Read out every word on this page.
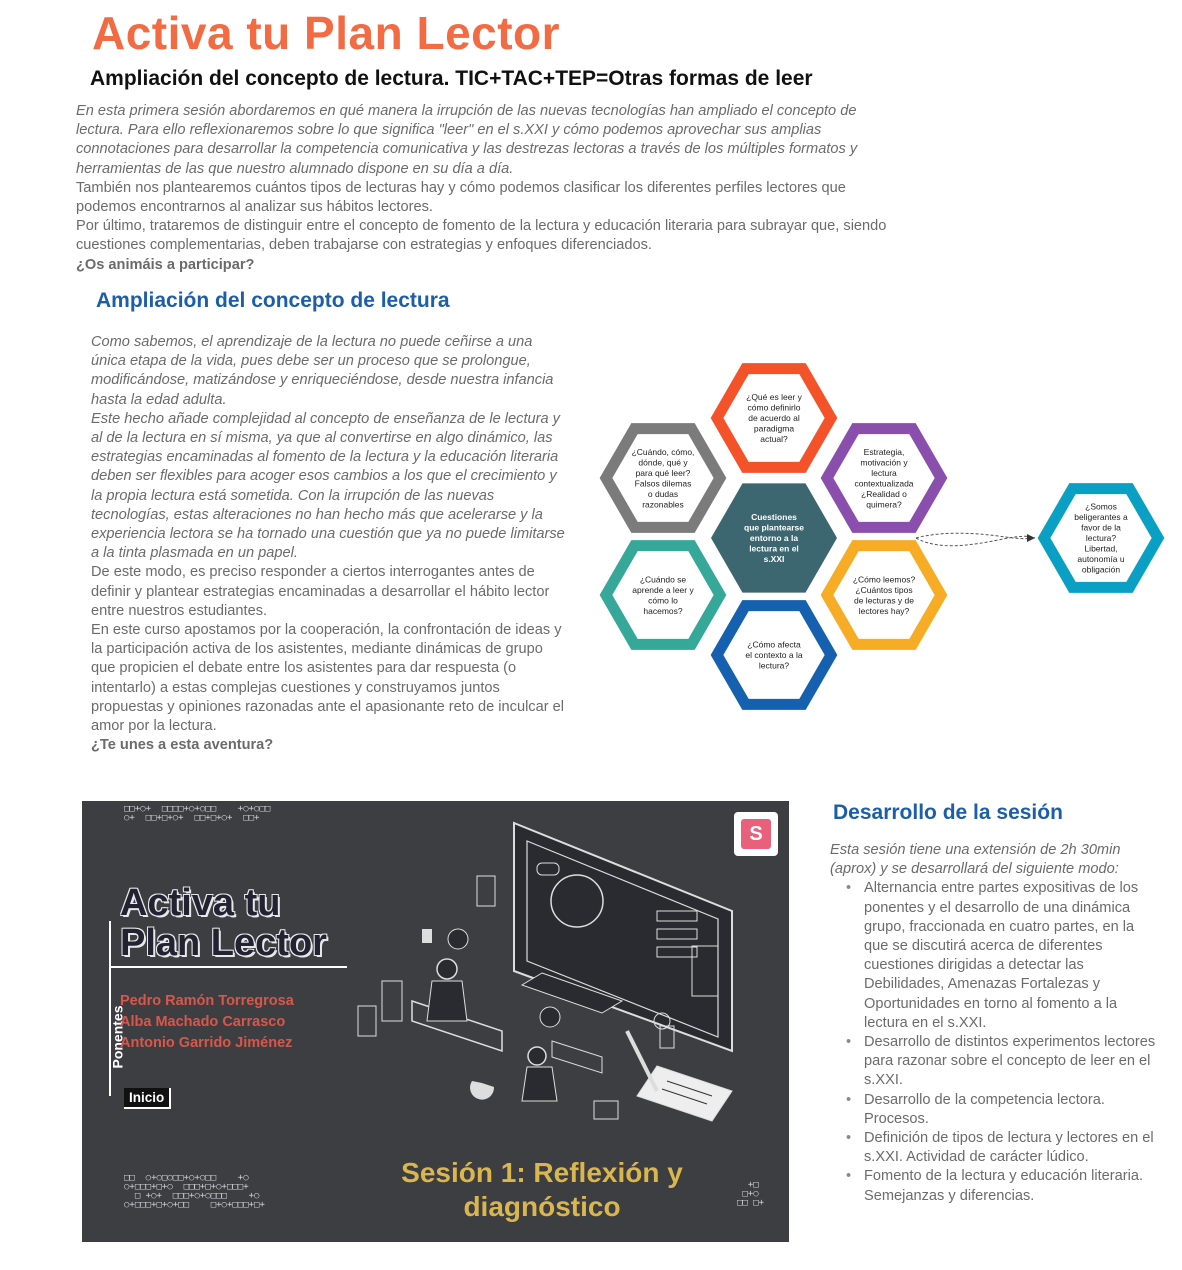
Activa tu Plan Lector
Ampliación del concepto de lectura. TIC+TAC+TEP=Otras formas de leer

En esta primera sesión abordaremos en qué manera la irrupción de las nuevas tecnologías han ampliado el concepto de lectura. Para ello reflexionaremos sobre lo que significa "leer" en el s.XXI y cómo podemos aprovechar sus amplias connotaciones para desarrollar la competencia comunicativa y las destrezas lectoras a través de los múltiples formatos y herramientas de las que nuestro alumnado dispone en su día a día.

También nos plantearemos cuántos tipos de lecturas hay y cómo podemos clasificar los diferentes perfiles lectores que podemos encontrarnos al analizar sus hábitos lectores.

Por último, trataremos de distinguir entre el concepto de fomento de la lectura y educación literaria para subrayar que, siendo cuestiones complementarias, deben trabajarse con estrategias y enfoques diferenciados.

¿Os animáis a participar?

Ampliación del concepto de lectura

Como sabemos, el aprendizaje de la lectura no puede ceñirse a una única etapa de la vida, pues debe ser un proceso que se prolongue, modificándose, matizándose y enriqueciéndose, desde nuestra infancia hasta la edad adulta.

Este hecho añade complejidad al concepto de enseñanza de le lectura y al de la lectura en sí misma, ya que al convertirse en algo dinámico, las estrategias encaminadas al fomento de la lectura y la educación literaria deben ser flexibles para acoger esos cambios a los que el crecimiento y la propia lectura está sometida. Con la irrupción de las nuevas tecnologías, estas alteraciones no han hecho más que acelerarse y la experiencia lectora se ha tornado una cuestión que ya no puede limitarse a la tinta plasmada en un papel.

De este modo, es preciso responder a ciertos interrogantes antes de definir y plantear estrategias encaminadas a desarrollar el hábito lector entre nuestros estudiantes.

En este curso apostamos por la cooperación, la confrontación de ideas y la participación activa de los asistentes, mediante dinámicas de grupo que propicien el debate entre los asistentes para dar respuesta (o intentarlo) a estas complejas cuestiones y construyamos juntos propuestas y opiniones razonadas ante el apasionante reto de inculcar el amor por la lectura.

¿Te unes a esta aventura?

Cuestiones
que plantearse
entorno a la
lectura en el
s.XXI
¿Qué es leer y
cómo definirlo
de acuerdo al
paradigma
actual?
Estrategia,
motivación y
lectura
contextualizada
¿Realidad o
quimera?
¿Cómo leemos?
¿Cuántos tipos
de lecturas y de
lectores hay?
¿Cómo afecta
el contexto a la
lectura?
¿Cuándo se
aprende a leer y
cómo lo
hacemos?
¿Cuándo, cómo,
dónde, qué y
para qué leer?
Falsos dilemas
o dudas
razonables	¿Somos
beligerantes a
favor de la
lectura?
Libertad,
autonomía u
obligación
□□+○+  □□□□+○+○□□    +○+○□□
○+  □□+□+○+  □□+□+○+  □□+
□□  ○+○□○□□+○+○□□    +○
○+□□□+□+○  □□□+□+○+□□□+
□ +○+  □□□+○+○□□□    +○
○+□□□+□+○+□□    □+○+□□□+□+
+□
□+○
□□ □+
Activa tu
Plan Lector
Ponentes
Pedro Ramón Torregrosa
Alba Machado Carrasco
Antonio Garrido Jiménez
Inicio
Sesión 1: Reflexión y
diagnóstico
S
Desarrollo de la sesión

Esta sesión tiene una extensión de 2h 30min (aprox) y se desarrollará del siguiente modo:

• Alternancia entre partes expositivas de los ponentes y el desarrollo de una dinámica grupo, fraccionada en cuatro partes, en la que se discutirá acerca de diferentes cuestiones dirigidas a detectar las Debilidades, Amenazas Fortalezas y Oportunidades en torno al fomento a la lectura en el s.XXI.
• Desarrollo de distintos experimentos lectores para razonar sobre el concepto de leer en el s.XXI.
• Desarrollo de la competencia lectora. Procesos.
• Definición de tipos de lectura y lectores en el s.XXI. Actividad de carácter lúdico.
• Fomento de la lectura y educación literaria. Semejanzas y diferencias.
